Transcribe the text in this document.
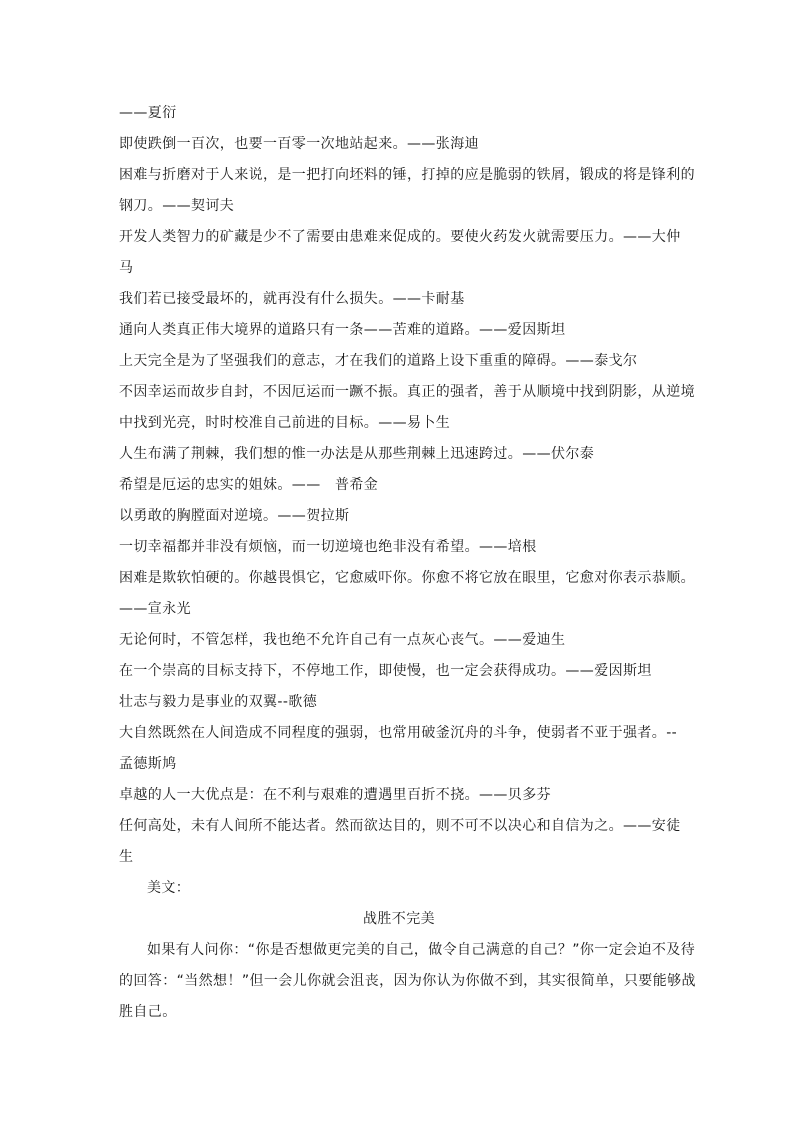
——夏衍
即使跌倒一百次，也要一百零一次地站起来。——张海迪
困难与折磨对于人来说，是一把打向坯料的锤，打掉的应是脆弱的铁屑，锻成的将是锋利的
钢刀。——契诃夫
开发人类智力的矿藏是少不了需要由患难来促成的。要使火药发火就需要压力。——大仲
马
我们若已接受最坏的，就再没有什么损失。——卡耐基
通向人类真正伟大境界的道路只有一条——苦难的道路。——爱因斯坦
上天完全是为了坚强我们的意志，才在我们的道路上设下重重的障碍。——泰戈尔
不因幸运而故步自封，不因厄运而一蹶不振。真正的强者，善于从顺境中找到阴影，从逆境
中找到光亮，时时校准自己前进的目标。——易卜生
人生布满了荆棘，我们想的惟一办法是从那些荆棘上迅速跨过。——伏尔泰
希望是厄运的忠实的姐妹。——　普希金
以勇敢的胸膛面对逆境。——贺拉斯
一切幸福都并非没有烦恼，而一切逆境也绝非没有希望。——培根
困难是欺软怕硬的。你越畏惧它，它愈威吓你。你愈不将它放在眼里，它愈对你表示恭顺。
——宣永光
无论何时，不管怎样，我也绝不允许自己有一点灰心丧气。——爱迪生
在一个崇高的目标支持下，不停地工作，即使慢，也一定会获得成功。——爱因斯坦
壮志与毅力是事业的双翼--歌德
大自然既然在人间造成不同程度的强弱，也常用破釜沉舟的斗争，使弱者不亚于强者。--
孟德斯鸠
卓越的人一大优点是：在不利与艰难的遭遇里百折不挠。——贝多芬
任何高处，未有人间所不能达者。然而欲达目的，则不可不以决心和自信为之。——安徒
生
美文：
战胜不完美
如果有人问你：“你是否想做更完美的自己，做令自己满意的自己？”你一定会迫不及待
的回答：“当然想！”但一会儿你就会沮丧，因为你认为你做不到，其实很简单，只要能够战
胜自己。
